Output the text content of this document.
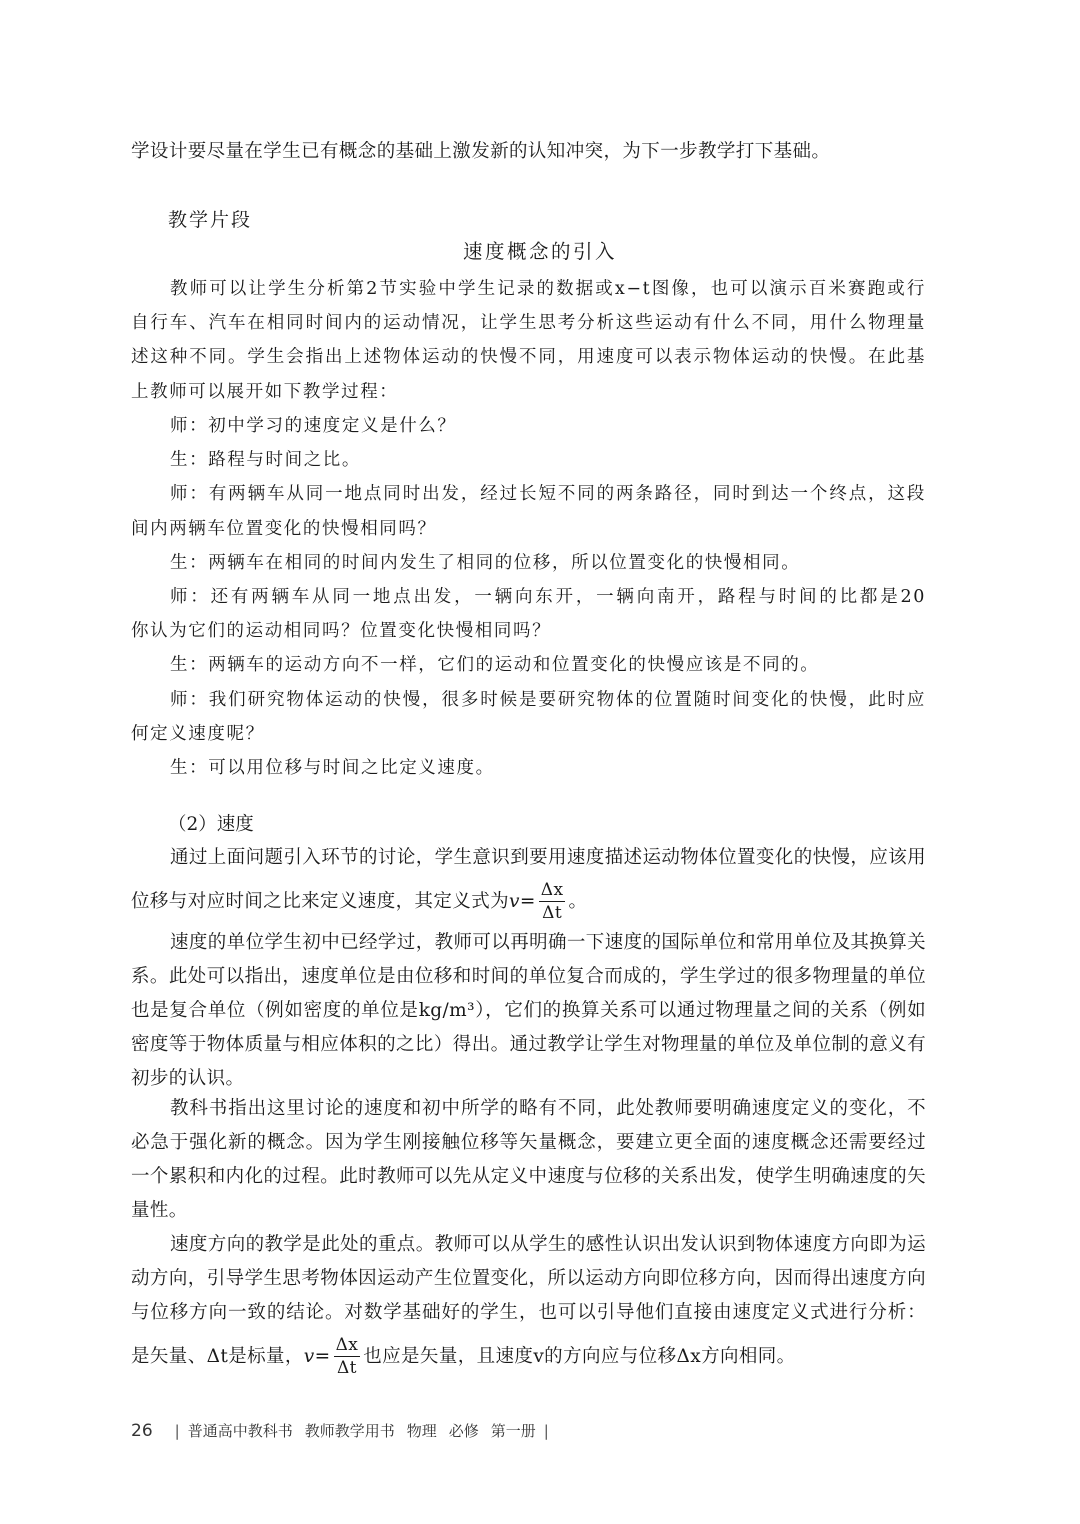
学设计要尽量在学生已有概念的基础上激发新的认知冲突，为下一步教学打下基础。
教学片段
速度概念的引入
教师可以让学生分析第2节实验中学生记录的数据或x−t图像，也可以演示百米赛跑或行
自行车、汽车在相同时间内的运动情况，让学生思考分析这些运动有什么不同，用什么物理量
述这种不同。学生会指出上述物体运动的快慢不同，用速度可以表示物体运动的快慢。在此基
上教师可以展开如下教学过程：
师：初中学习的速度定义是什么？
生：路程与时间之比。
师：有两辆车从同一地点同时出发，经过长短不同的两条路径，同时到达一个终点，这段
间内两辆车位置变化的快慢相同吗？
生：两辆车在相同的时间内发生了相同的位移，所以位置变化的快慢相同。
师：还有两辆车从同一地点出发，一辆向东开，一辆向南开，路程与时间的比都是20
你认为它们的运动相同吗？位置变化快慢相同吗？
生：两辆车的运动方向不一样，它们的运动和位置变化的快慢应该是不同的。
师：我们研究物体运动的快慢，很多时候是要研究物体的位置随时间变化的快慢，此时应
何定义速度呢？
生：可以用位移与时间之比定义速度。
（2）速度
通过上面问题引入环节的讨论，学生意识到要用速度描述运动物体位置变化的快慢，应该用
位移与对应时间之比来定义速度，其定义式为$v= \frac{\Delta x}{\Delta t}$ 。
速度的单位学生初中已经学过，教师可以再明确一下速度的国际单位和常用单位及其换算关
系。此处可以指出，速度单位是由位移和时间的单位复合而成的，学生学过的很多物理量的单位
也是复合单位（例如密度的单位是kg/m³），它们的换算关系可以通过物理量之间的关系（例如
密度等于物体质量与相应体积的之比）得出。通过教学让学生对物理量的单位及单位制的意义有
初步的认识。
教科书指出这里讨论的速度和初中所学的略有不同，此处教师要明确速度定义的变化，不
必急于强化新的概念。因为学生刚接触位移等矢量概念，要建立更全面的速度概念还需要经过
一个累积和内化的过程。此时教师可以先从定义中速度与位移的关系出发，使学生明确速度的矢
量性。
速度方向的教学是此处的重点。教师可以从学生的感性认识出发认识到物体速度方向即为运
动方向，引导学生思考物体因运动产生位置变化，所以运动方向即位移方向，因而得出速度方向
与位移方向一致的结论。对数学基础好的学生，也可以引导他们直接由速度定义式进行分析：
是矢量、Δt是标量，$v= \frac{\Delta x}{\Delta t}$ 也应是矢量，且速度v的方向应与位移Δx方向相同。
26 | 普通高中教科书 教师教学用书 物理 必修 第一册 |
